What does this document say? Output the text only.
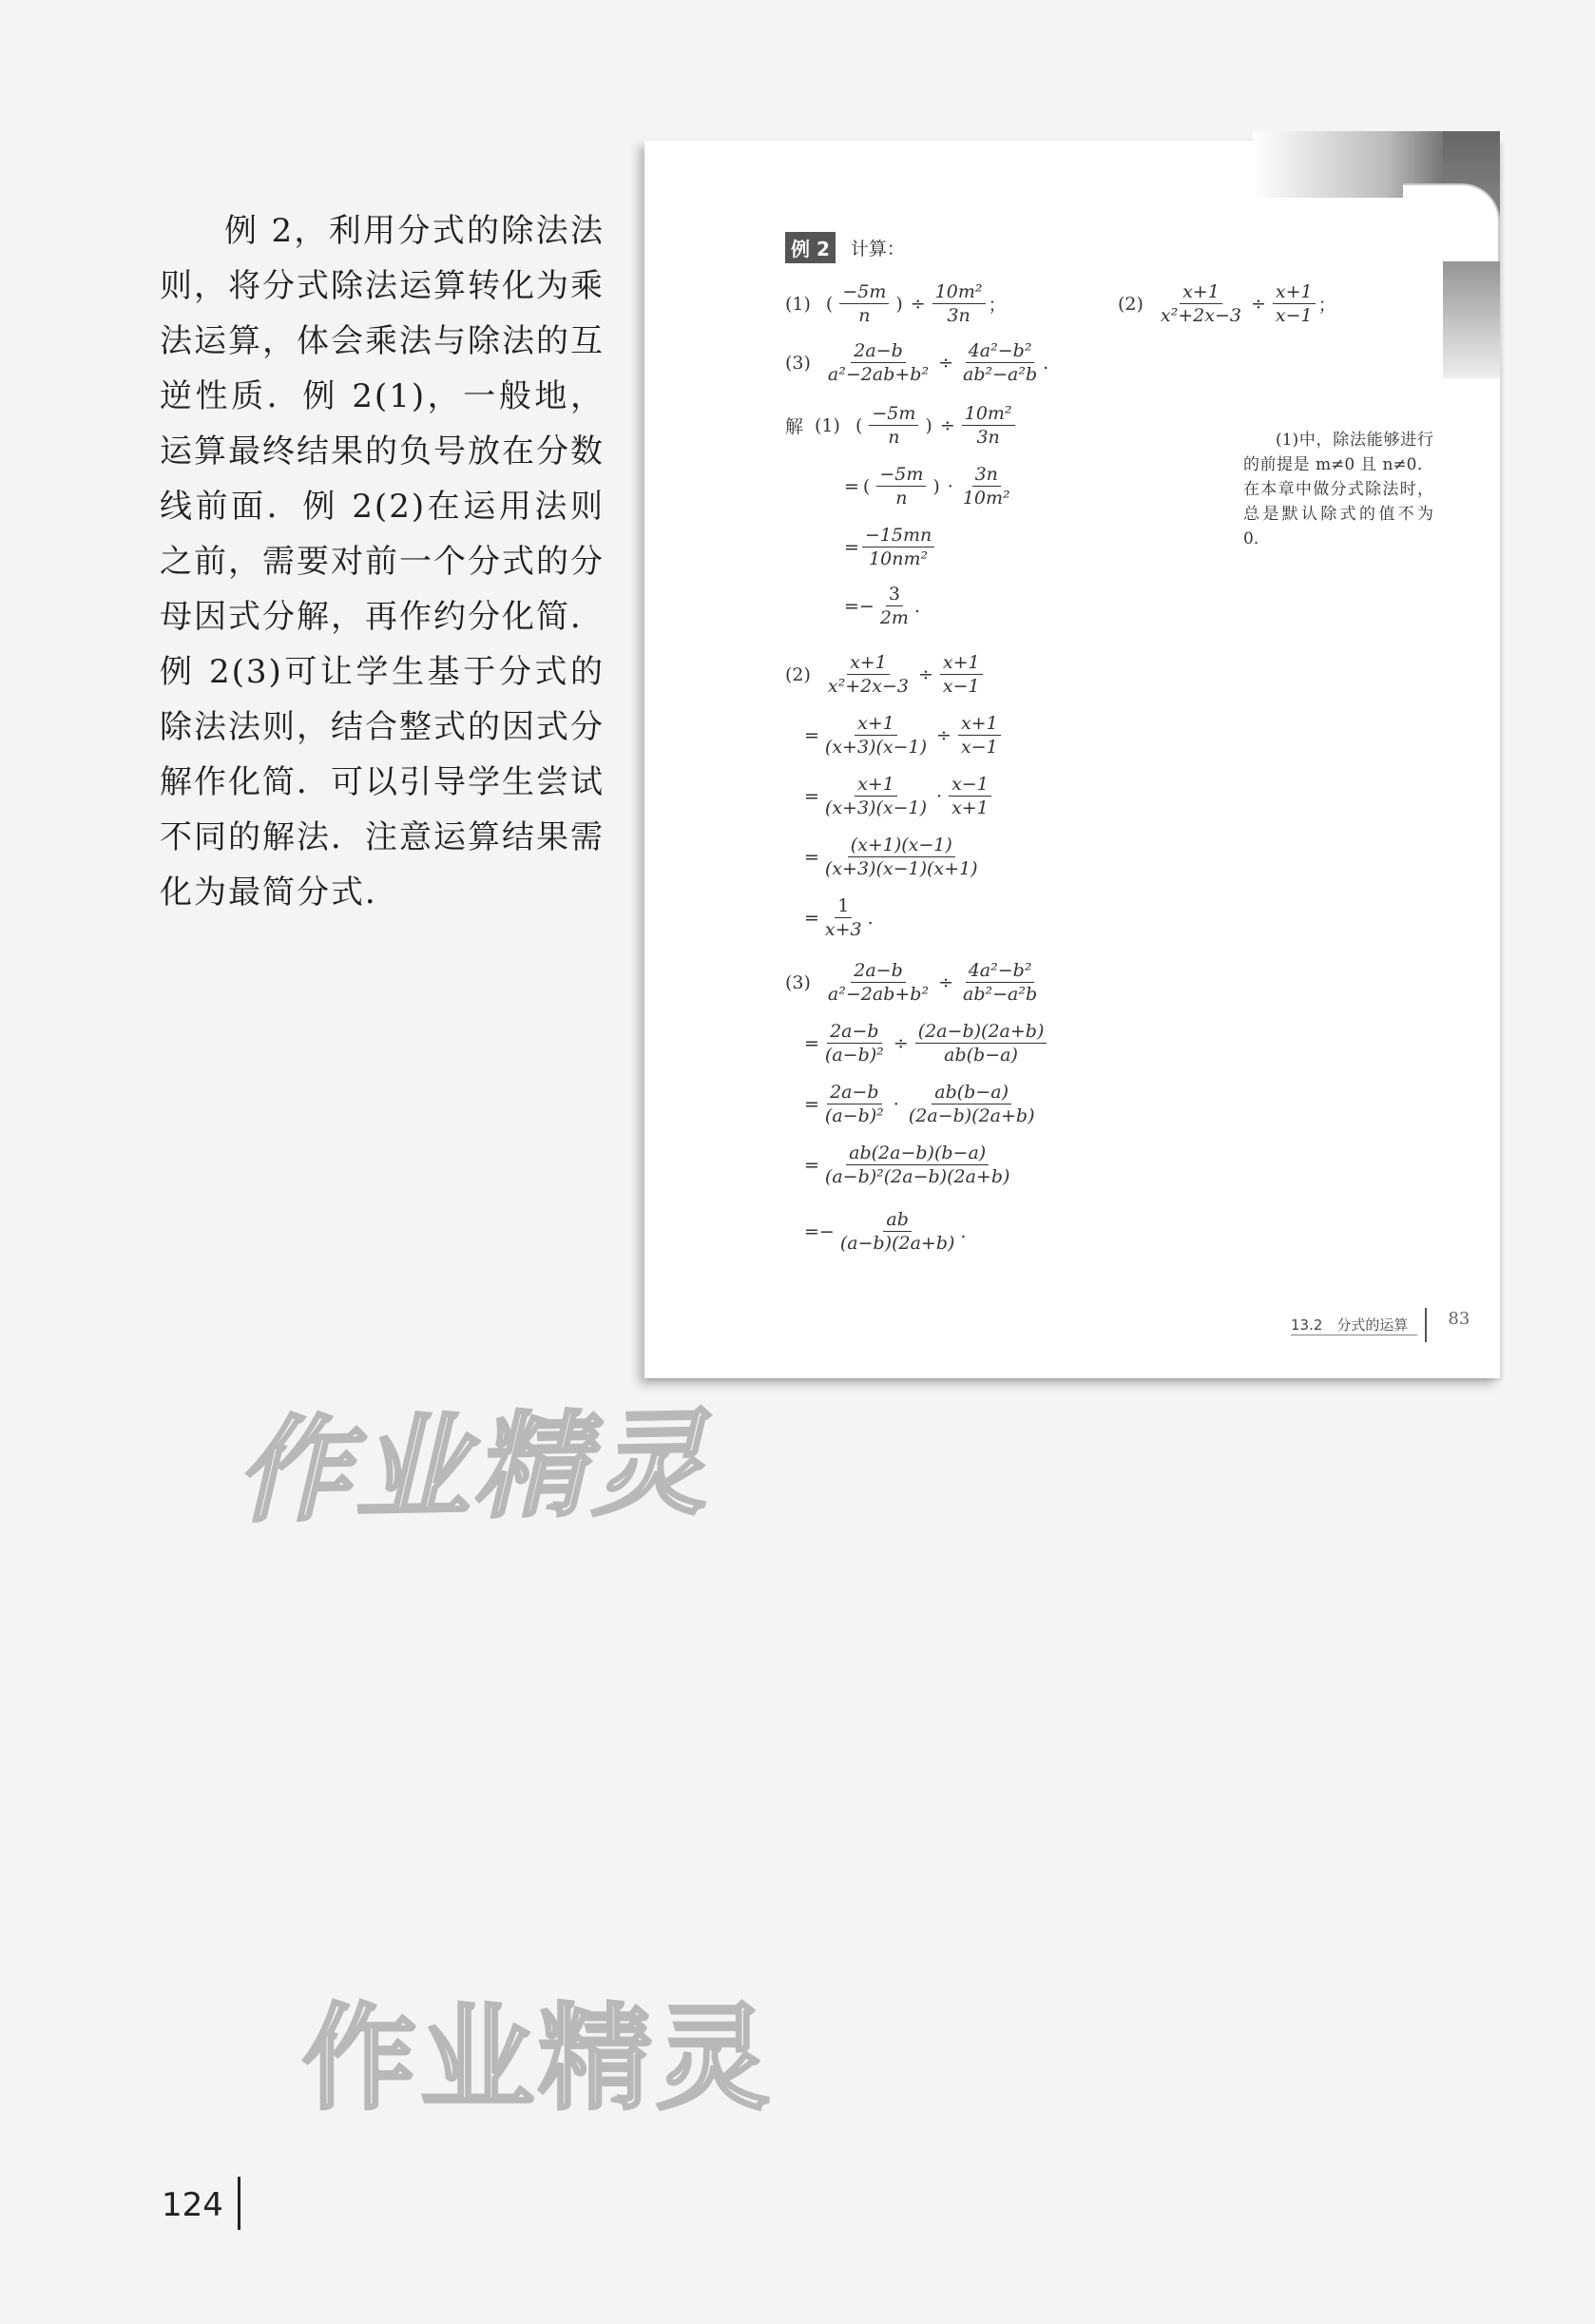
例 2，利用分式的除法法则，将分式除法运算转化为乘法运算，体会乘法与除法的互逆性质．例 2(1)，一般地，运算最终结果的负号放在分数线前面．例 2(2)在运用法则之前，需要对前一个分式的分母因式分解，再作约分化简．例 2(3)可让学生基于分式的除法法则，结合整式的因式分解作化简．可以引导学生尝试不同的解法．注意运算结果需化为最简分式．

例 2	计算：
(1) ( $\frac{-5m}{n}$ ) ÷ $\frac{\text{10m²}}{3n}$ ；	$(2) \frac{x+1}{\text{x²+2x−3}} \div \frac{x+1}{x-1}$ ；
$(3) \frac{2a-b}{\text{a²−2ab+b²}} \div \frac{\text{4a²−b²}}{\text{ab²−a²b}}$ .
解 (1) ( $\frac{-5m}{n}$ ) ÷ $\frac{\text{10m²}}{3n}$
= ( $\frac{-5m}{n}$ ) · $\frac{3n}{\text{10m²}}$
= $\frac{-15mn}{\text{10nm²}}$
=− $\frac{3}{2m}$ .

(1)中，除法能够进行的前提是 m≠0 且 n≠0．在本章中做分式除法时，总是默认除式的值不为 0．

$(2) \frac{x+1}{\text{x²+2x−3}} \div \frac{x+1}{x-1}$
= $\frac{x+1}{(x+3)(x-1)} \div \frac{x+1}{x-1}$
= $\frac{x+1}{(x+3)(x-1)} \cdot \frac{x-1}{x+1}$
= $\frac{(x+1)(x-1)}{(x+3)(x-1)(x+1)}$
= $\frac{1}{x+3}$ .
$(3) \frac{2a-b}{\text{a²−2ab+b²}} \div \frac{\text{4a²−b²}}{\text{ab²−a²b}}$
= $\frac{2a-b}{\text{(a−b)²}} \div \frac{(2a-b)(2a+b)}{ab(b-a)}$
= $\frac{2a-b}{\text{(a−b)²}} \cdot \frac{ab(b-a)}{(2a-b)(2a+b)}$
= $\frac{ab(2a-b)(b-a)}{\text{(a−b)²(2a−b)(2a+b)}}$
=− $\frac{ab}{(a-b)(2a+b)}$ .
13.2　分式的运算	83
作业精灵
作业精灵
124
